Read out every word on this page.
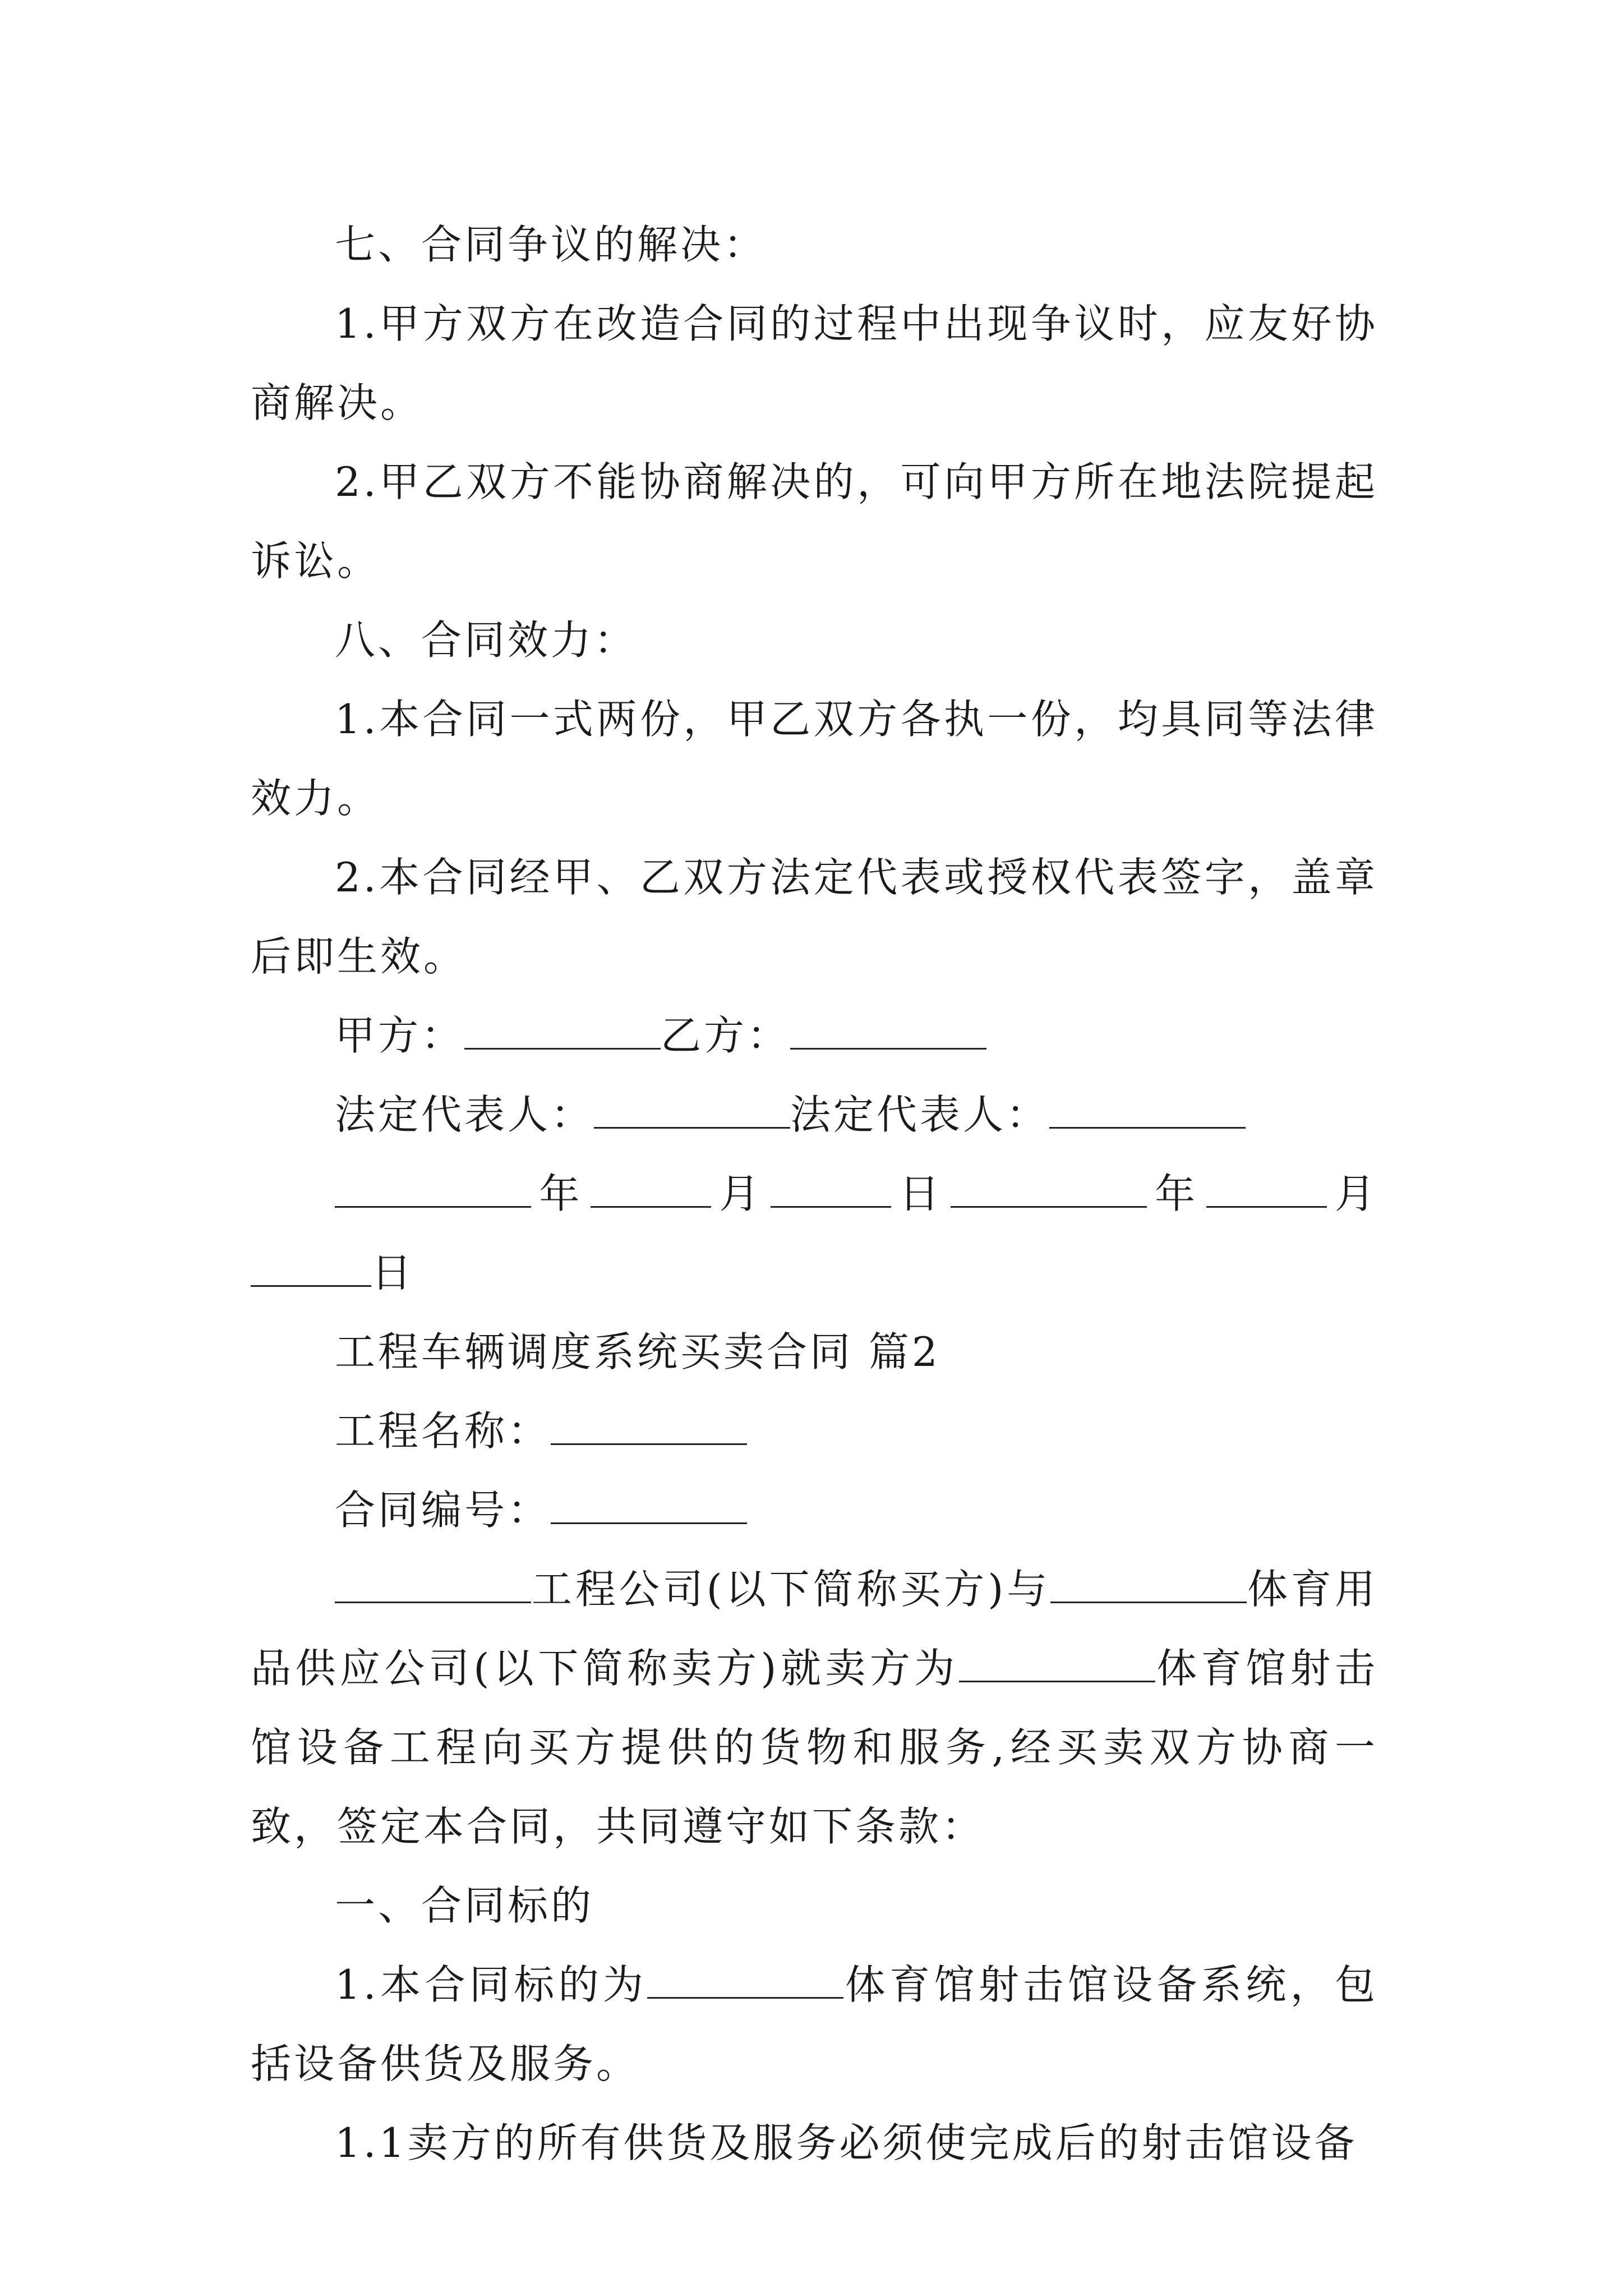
七、合同争议的解决：

1.甲方双方在改造合同的过程中出现争议时，应友好协商解决。

2.甲乙双方不能协商解决的，可向甲方所在地法院提起诉讼。

八、合同效力：

1.本合同一式两份，甲乙双方各执一份，均具同等法律效力。

2.本合同经甲、乙双方法定代表或授权代表签字，盖章后即生效。

甲方：	乙方：

法定代表人：	法定代表人：

年	月	日	年	月日

工程车辆调度系统买卖合同 篇2

工程名称：

合同编号：

工程公司(以下简称买方)与	体育用品供应公司(以下简称卖方)就卖方为	体育馆射击馆设备工程向买方提供的货物和服务,经买卖双方协商一致，签定本合同，共同遵守如下条款：

一、合同标的

1.本合同标的为	体育馆射击馆设备系统，包括设备供货及服务。

1.1卖方的所有供货及服务必须使完成后的射击馆设备
